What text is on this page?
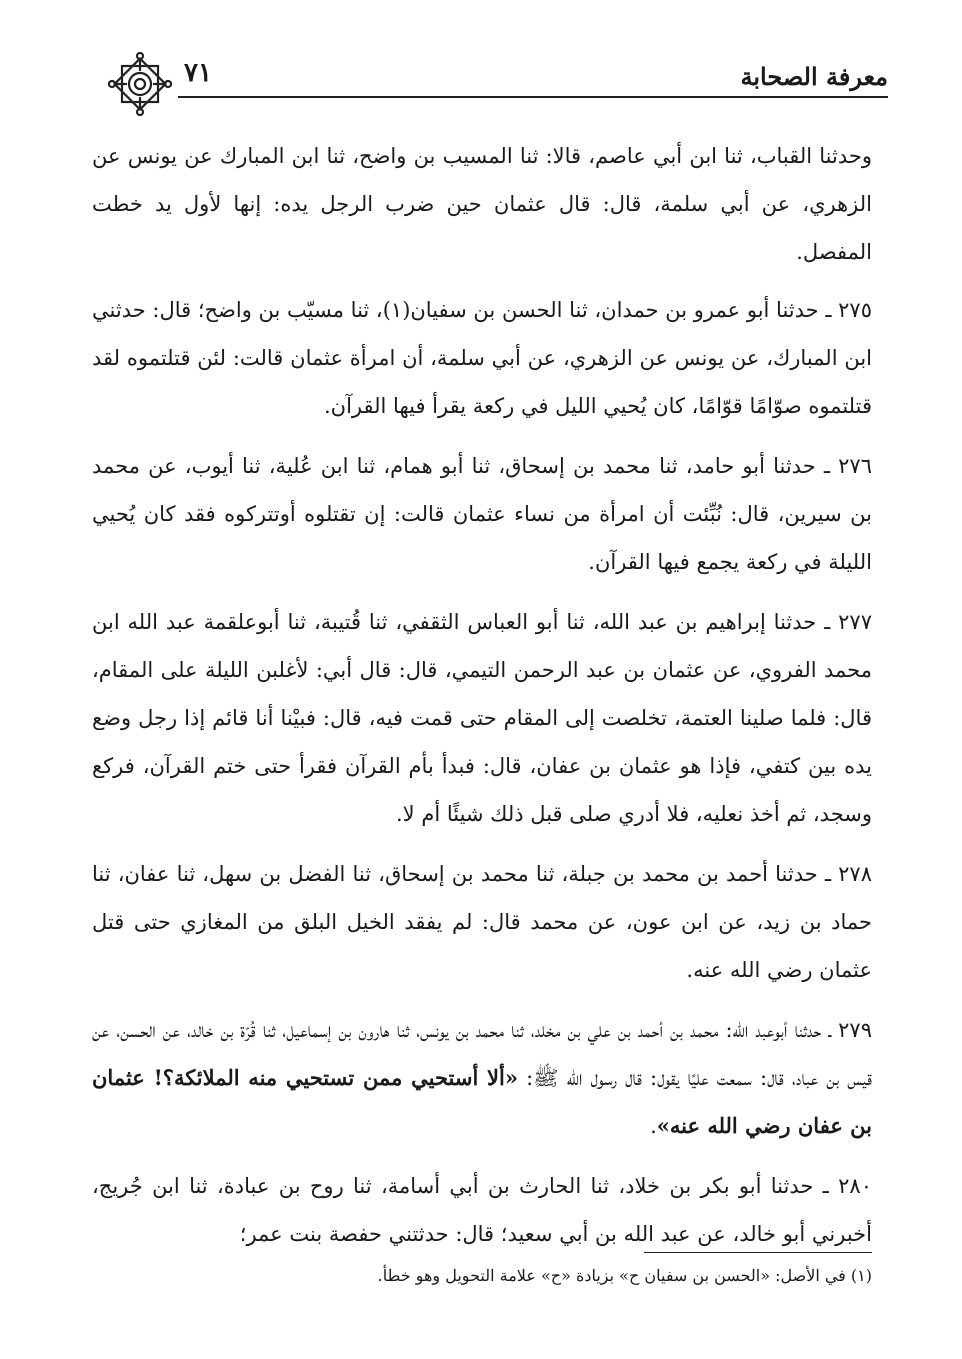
٧١	معرفة الصحابة

وحدثنا القباب، ثنا ابن أبي عاصم، قالا: ثنا المسيب بن واضح، ثنا ابن المبارك عن يونس عن الزهري، عن أبي سلمة، قال: قال عثمان حين ضرب الرجل يده: إنها لأول يد خطت المفصل.

٢٧٥ ـ حدثنا أبو عمرو بن حمدان، ثنا الحسن بن سفيان(١)، ثنا مسيّب بن واضح؛ قال: حدثني ابن المبارك، عن يونس عن الزهري، عن أبي سلمة، أن امرأة عثمان قالت: لئن قتلتموه لقد قتلتموه صوّامًا قوّامًا، كان يُحيي الليل في ركعة يقرأ فيها القرآن.

٢٧٦ ـ حدثنا أبو حامد، ثنا محمد بن إسحاق، ثنا أبو همام، ثنا ابن عُلية، ثنا أيوب، عن محمد بن سيرين، قال: نُبِّئت أن امرأة من نساء عثمان قالت: إن تقتلوه أوتتركوه فقد كان يُحيي الليلة في ركعة يجمع فيها القرآن.

٢٧٧ ـ حدثنا إبراهيم بن عبد الله، ثنا أبو العباس الثقفي، ثنا قُتيبة، ثنا أبوعلقمة عبد الله ابن محمد الفروي، عن عثمان بن عبد الرحمن التيمي، قال: قال أبي: لأغلبن الليلة على المقام، قال: فلما صلينا العتمة، تخلصت إلى المقام حتى قمت فيه، قال: فبيْنا أنا قائم إذا رجل وضع يده بين كتفي، فإذا هو عثمان بن عفان، قال: فبدأ بأم القرآن فقرأ حتى ختم القرآن، فركع وسجد، ثم أخذ نعليه، فلا أدري صلى قبل ذلك شيئًا أم لا.

٢٧٨ ـ حدثنا أحمد بن محمد بن جبلة، ثنا محمد بن إسحاق، ثنا الفضل بن سهل، ثنا عفان، ثنا حماد بن زيد، عن ابن عون، عن محمد قال: لم يفقد الخيل البلق من المغازي حتى قتل عثمان رضي الله عنه.

٢٧٩ ـ حدثنا أبوعبد الله: محمد بن أحمد بن علي بن مخلد، ثنا محمد بن يونس، ثنا هارون بن إسماعيل، ثنا قُرّة بن خالد، عن الحسن، عن قيس بن عباد، قال: سمعت عليًا يقول: قال رسول الله ﷺ: «ألا أستحيي ممن تستحيي منه الملائكة؟! عثمان بن عفان رضي الله عنه».

٢٨٠ ـ حدثنا أبو بكر بن خلاد، ثنا الحارث بن أبي أسامة، ثنا روح بن عبادة، ثنا ابن جُريج، أخبرني أبو خالد، عن عبد الله بن أبي سعيد؛ قال: حدثتني حفصة بنت عمر؛

(١) في الأصل: «الحسن بن سفيان ح» بزيادة «ح» علامة التحويل وهو خطأ.
